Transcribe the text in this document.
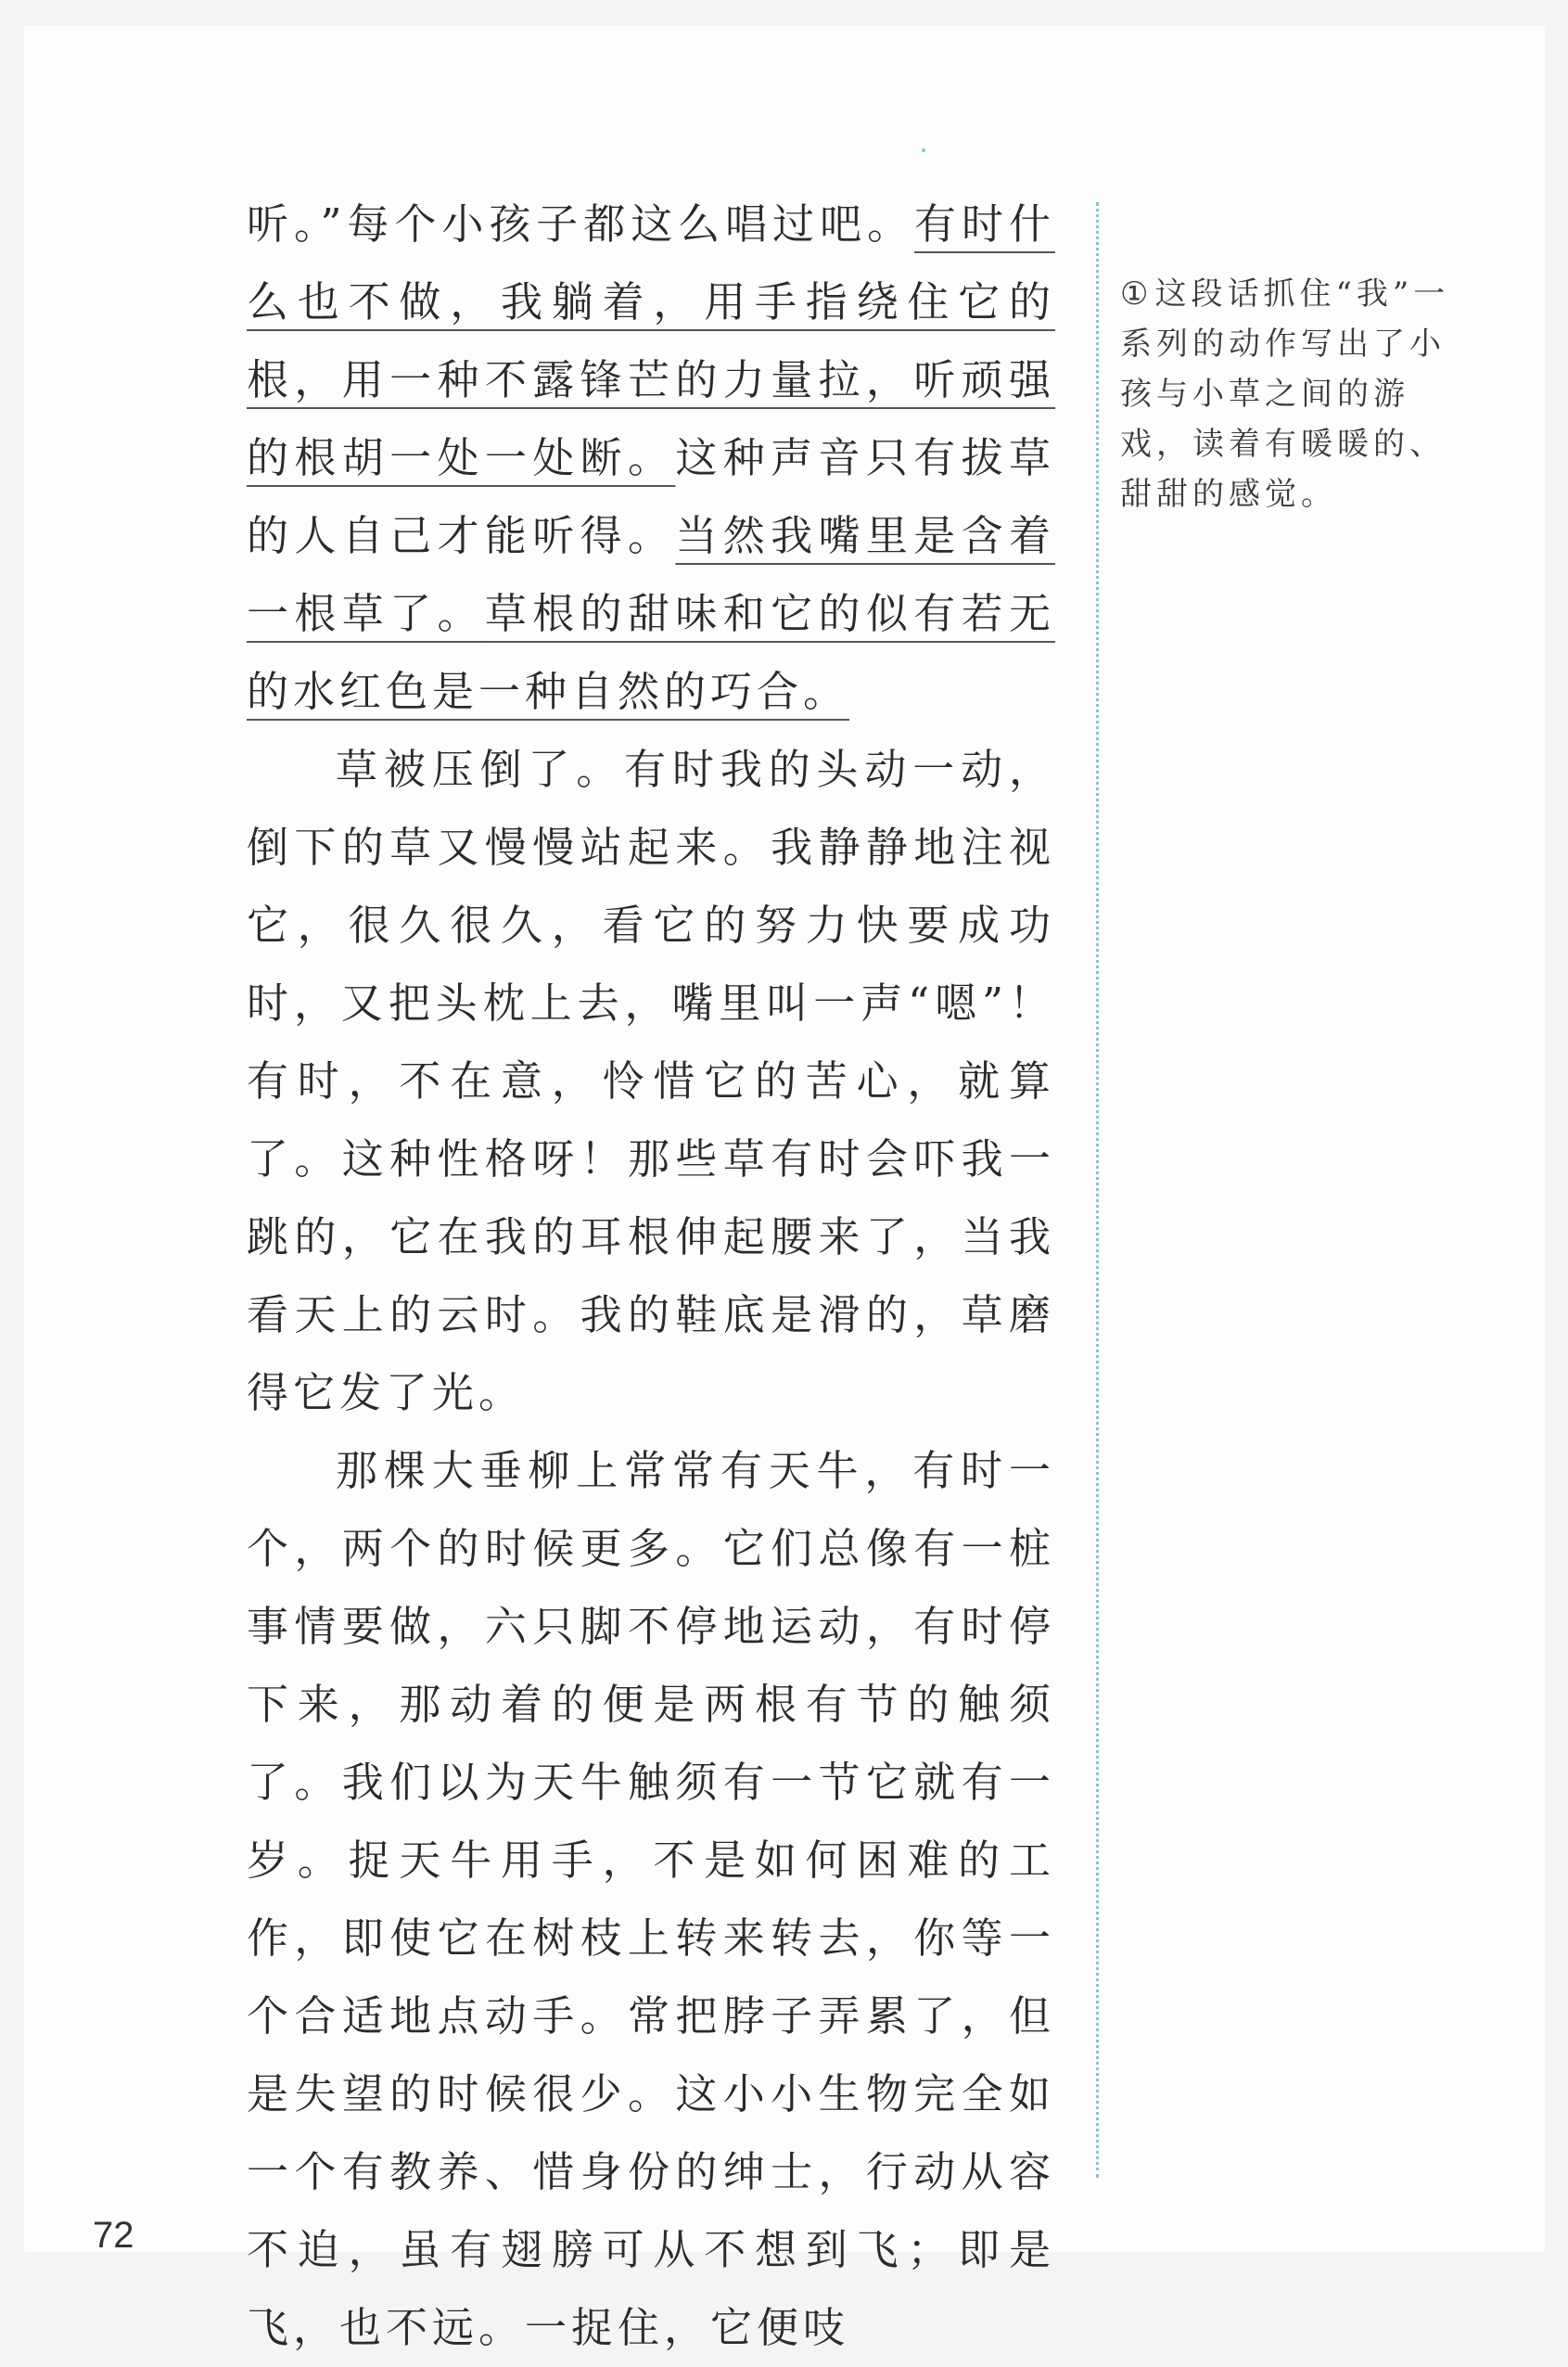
听。”每个小孩子都这么唱过吧。有时什么也不做，我躺着，用手指绕住它的根，用一种不露锋芒的力量拉，听顽强的根胡一处一处断。这种声音只有拔草的人自己才能听得。当然我嘴里是含着一根草了。草根的甜味和它的似有若无的水红色是一种自然的巧合。

草被压倒了。有时我的头动一动，倒下的草又慢慢站起来。我静静地注视它，很久很久，看它的努力快要成功时，又把头枕上去，嘴里叫一声“嗯”！有时，不在意，怜惜它的苦心，就算了。这种性格呀！那些草有时会吓我一跳的，它在我的耳根伸起腰来了，当我看天上的云时。我的鞋底是滑的，草磨得它发了光。

那棵大垂柳上常常有天牛，有时一个，两个的时候更多。它们总像有一桩事情要做，六只脚不停地运动，有时停下来，那动着的便是两根有节的触须了。我们以为天牛触须有一节它就有一岁。捉天牛用手，不是如何困难的工作，即使它在树枝上转来转去，你等一个合适地点动手。常把脖子弄累了，但是失望的时候很少。这小小生物完全如一个有教养、惜身份的绅士，行动从容不迫，虽有翅膀可从不想到飞；即是飞，也不远。一捉住，它便吱

①这段话抓住“我”一系列的动作写出了小孩与小草之间的游戏，读着有暖暖的、甜甜的感觉。
72
